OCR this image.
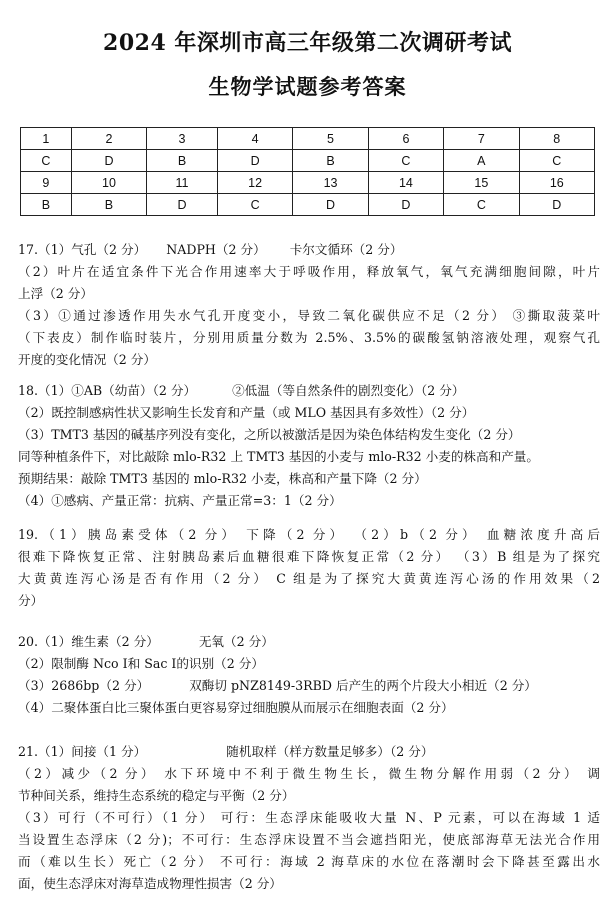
2024 年深圳市高三年级第二次调研考试
生物学试题参考答案
1	2	3	4	5	6	7	8
C	D	B	D	B	C	A	C
9	10	11	12	13	14	15	16
B	B	D	C	D	D	C	D
17.（1）气孔（2 分）     NADPH（2 分）      卡尔文循环（2 分）
（2）叶片在适宜条件下光合作用速率大于呼吸作用，释放氧气，氧气充满细胞间隙，叶片
上浮（2 分）
（3）①通过渗透作用失水气孔开度变小，导致二氧化碳供应不足（2 分） ③撕取菠菜叶
（下表皮）制作临时装片，分别用质量分数为 2.5%、3.5%的碳酸氢钠溶液处理，观察气孔
开度的变化情况（2 分）
18.（1）①AB（幼苗）（2 分）         ②低温（等自然条件的剧烈变化）（2 分）
（2）既控制感病性状又影响生长发育和产量（或 MLO 基因具有多效性）（2 分）
（3）TMT3 基因的碱基序列没有变化，之所以被激活是因为染色体结构发生变化（2 分）
同等种植条件下，对比敲除 mlo-R32 上 TMT3 基因的小麦与 mlo-R32 小麦的株高和产量。
预期结果：敲除 TMT3 基因的 mlo-R32 小麦，株高和产量下降（2 分）
（4）①感病、产量正常：抗病、产量正常=3：1（2 分）
19.（1）胰岛素受体（2 分） 下降（2 分） （2）b（2 分） 血糖浓度升高后
很难下降恢复正常、注射胰岛素后血糖很难下降恢复正常（2 分） （3）B 组是为了探究
大黄黄连泻心汤是否有作用（2 分） C 组是为了探究大黄黄连泻心汤的作用效果（2
分）
20.（1）维生素（2 分）          无氧（2 分）
（2）限制酶 Nco Ⅰ和 Sac Ⅰ的识别（2 分）
（3）2686bp（2 分）          双酶切 pNZ8149-3RBD 后产生的两个片段大小相近（2 分）
（4）二聚体蛋白比三聚体蛋白更容易穿过细胞膜从而展示在细胞表面（2 分）
21.（1）间接（1 分）                    随机取样（样方数量足够多）（2 分）
（2）减少（2 分） 水下环境中不利于微生物生长，微生物分解作用弱（2 分） 调
节种间关系，维持生态系统的稳定与平衡（2 分）
（3）可行（不可行）（1 分） 可行：生态浮床能吸收大量 N、P 元素，可以在海域 1 适
当设置生态浮床（2 分)；不可行：生态浮床设置不当会遮挡阳光，使底部海草无法光合作用
而（难以生长）死亡（2 分） 不可行：海域 2 海草床的水位在落潮时会下降甚至露出水
面，使生态浮床对海草造成物理性损害（2 分）
